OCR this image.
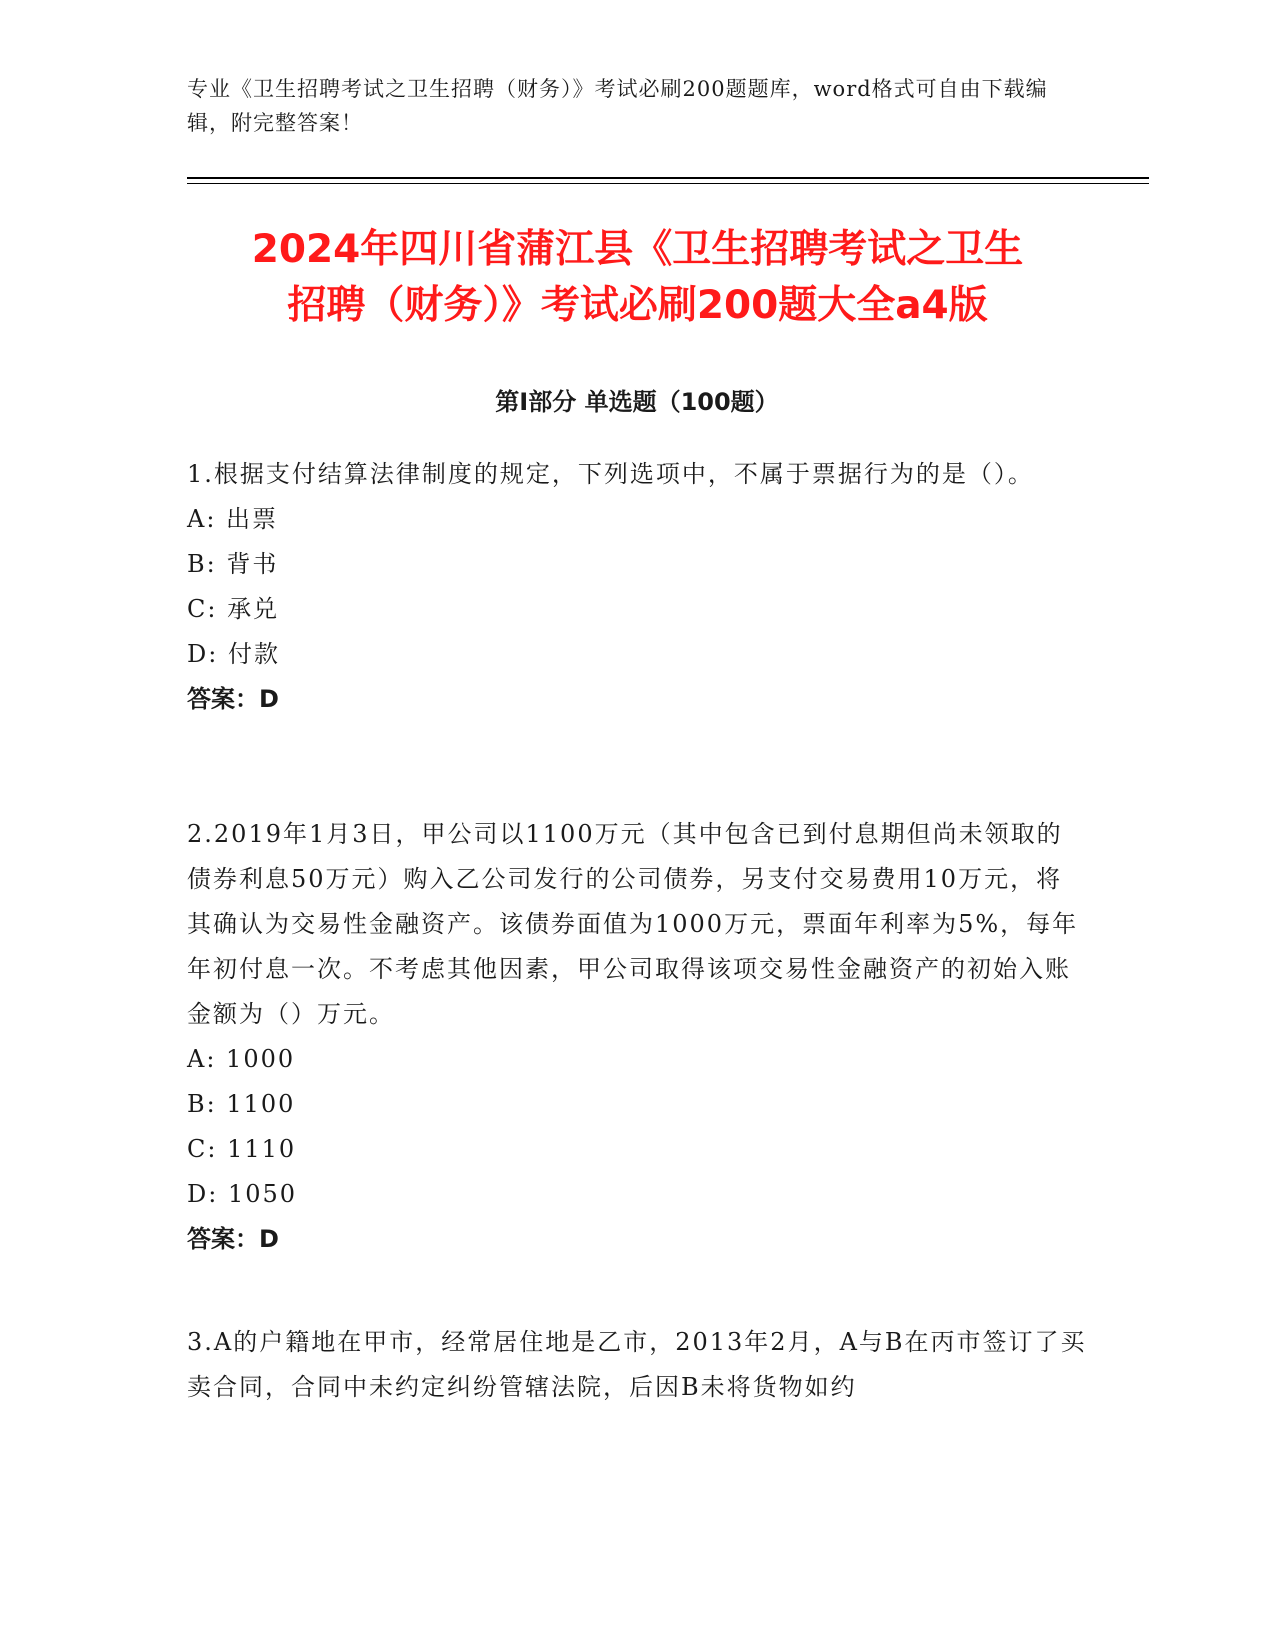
专业《卫生招聘考试之卫生招聘（财务）》考试必刷200题题库，word格式可自由下载编辑，附完整答案！
2024年四川省蒲江县《卫生招聘考试之卫生
招聘（财务）》考试必刷200题大全a4版
第I部分 单选题（100题）

1.根据支付结算法律制度的规定，下列选项中，不属于票据行为的是（）。

A: 出票

B: 背书

C: 承兑

D: 付款

答案：D

2.2019年1月3日，甲公司以1100万元（其中包含已到付息期但尚未领取的债券利息50万元）购入乙公司发行的公司债券，另支付交易费用10万元，将其确认为交易性金融资产。该债券面值为1000万元，票面年利率为5%，每年年初付息一次。不考虑其他因素，甲公司取得该项交易性金融资产的初始入账金额为（）万元。

A: 1000

B: 1100

C: 1110

D: 1050

答案：D

3.A的户籍地在甲市，经常居住地是乙市，2013年2月，A与B在丙市签订了买卖合同，合同中未约定纠纷管辖法院，后因B未将货物如约
